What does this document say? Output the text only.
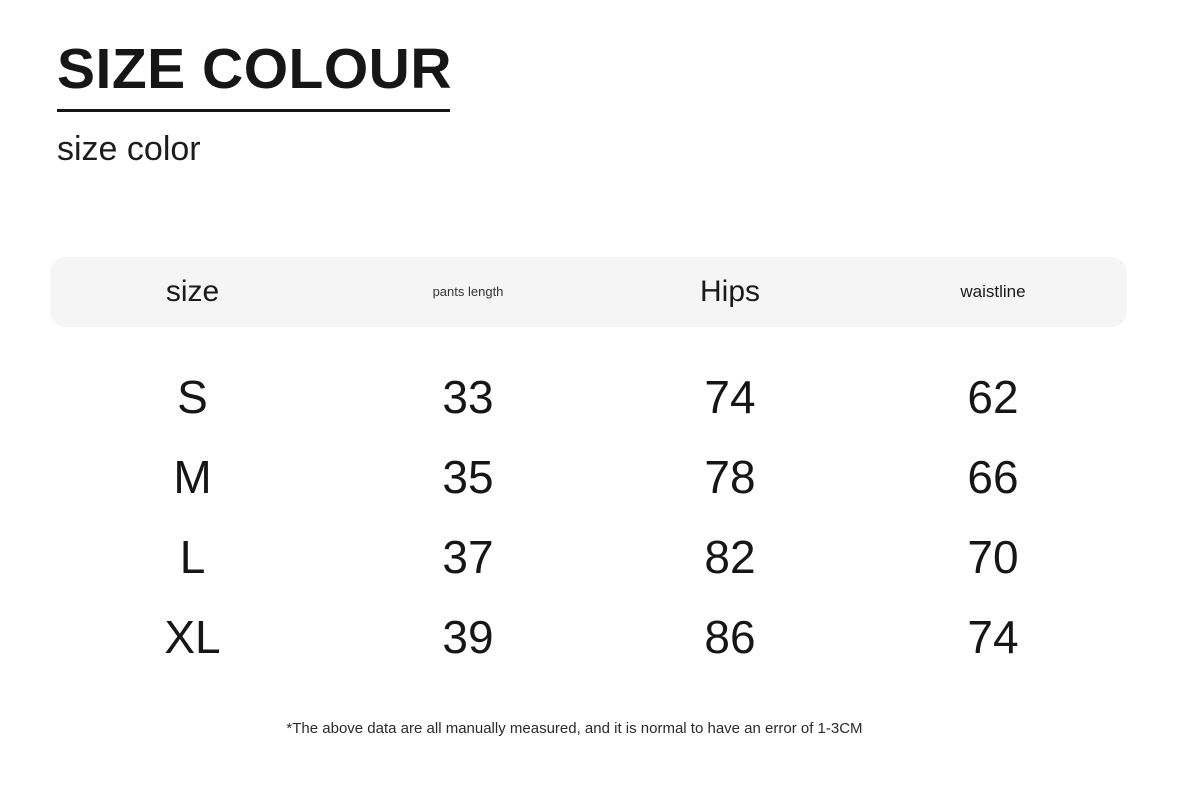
SIZE COLOUR
size color
size	pants length	Hips	waistline
S	33	74	62
M	35	78	66
L	37	82	70
XL	39	86	74
*The above data are all manually measured, and it is normal to have an error of 1-3CM
